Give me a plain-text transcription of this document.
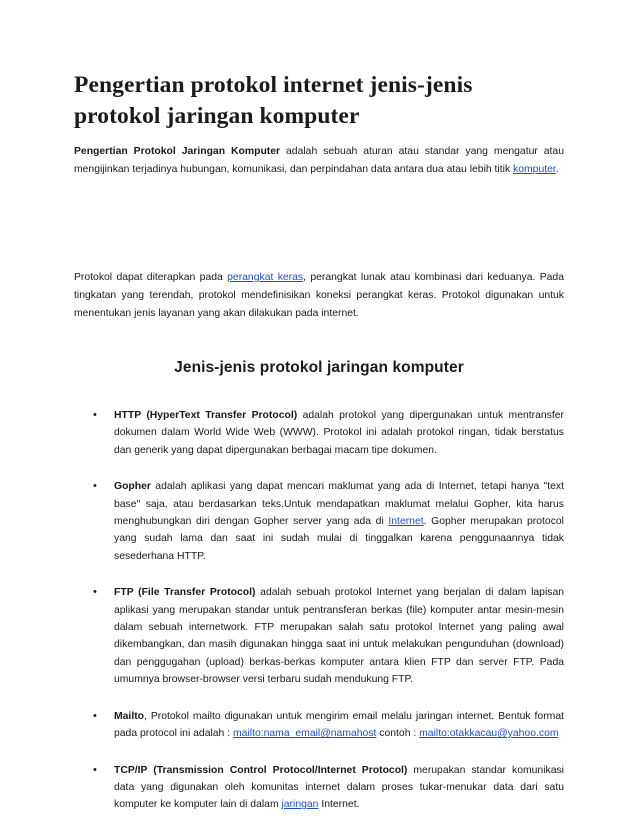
Pengertian protokol internet jenis-jenis protokol jaringan komputer

Pengertian Protokol Jaringan Komputer adalah sebuah aturan atau standar yang mengatur atau mengijinkan terjadinya hubungan, komunikasi, dan perpindahan data antara dua atau lebih titik komputer.

Protokol dapat diterapkan pada perangkat keras, perangkat lunak atau kombinasi dari keduanya. Pada tingkatan yang terendah, protokol mendefinisikan koneksi perangkat keras. Protokol digunakan untuk menentukan jenis layanan yang akan dilakukan pada internet.

Jenis-jenis protokol jaringan komputer
• HTTP (HyperText Transfer Protocol) adalah protokol yang dipergunakan untuk mentransfer dokumen dalam World Wide Web (WWW). Protokol ini adalah protokol ringan, tidak berstatus dan generik yang dapat dipergunakan berbagai macam tipe dokumen.
• Gopher adalah aplikasi yang dapat mencari maklumat yang ada di Internet, tetapi hanya "text base" saja, atau berdasarkan teks.Untuk mendapatkan maklumat melalui Gopher, kita harus menghubungkan diri dengan Gopher server yang ada di Internet. Gopher merupakan protocol yang sudah lama dan saat ini sudah mulai di tinggalkan karena penggunaannya tidak sesederhana HTTP.
• FTP (File Transfer Protocol) adalah sebuah protokol Internet yang berjalan di dalam lapisan aplikasi yang merupakan standar untuk pentransferan berkas (file) komputer antar mesin-mesin dalam sebuah internetwork. FTP merupakan salah satu protokol Internet yang paling awal dikembangkan, dan masih digunakan hingga saat ini untuk melakukan pengunduhan (download) dan penggugahan (upload) berkas-berkas komputer antara klien FTP dan server FTP. Pada umumnya browser-browser versi terbaru sudah mendukung FTP.
• Mailto, Protokol mailto digunakan untuk mengirim email melalu jaringan internet. Bentuk format pada protocol ini adalah : mailto:nama_email@namahost contoh : mailto:otakkacau@yahoo.com
• TCP/IP (Transmission Control Protocol/Internet Protocol) merupakan standar komunikasi data yang digunakan oleh komunitas internet dalam proses tukar-menukar data dari satu komputer ke komputer lain di dalam jaringan Internet.
